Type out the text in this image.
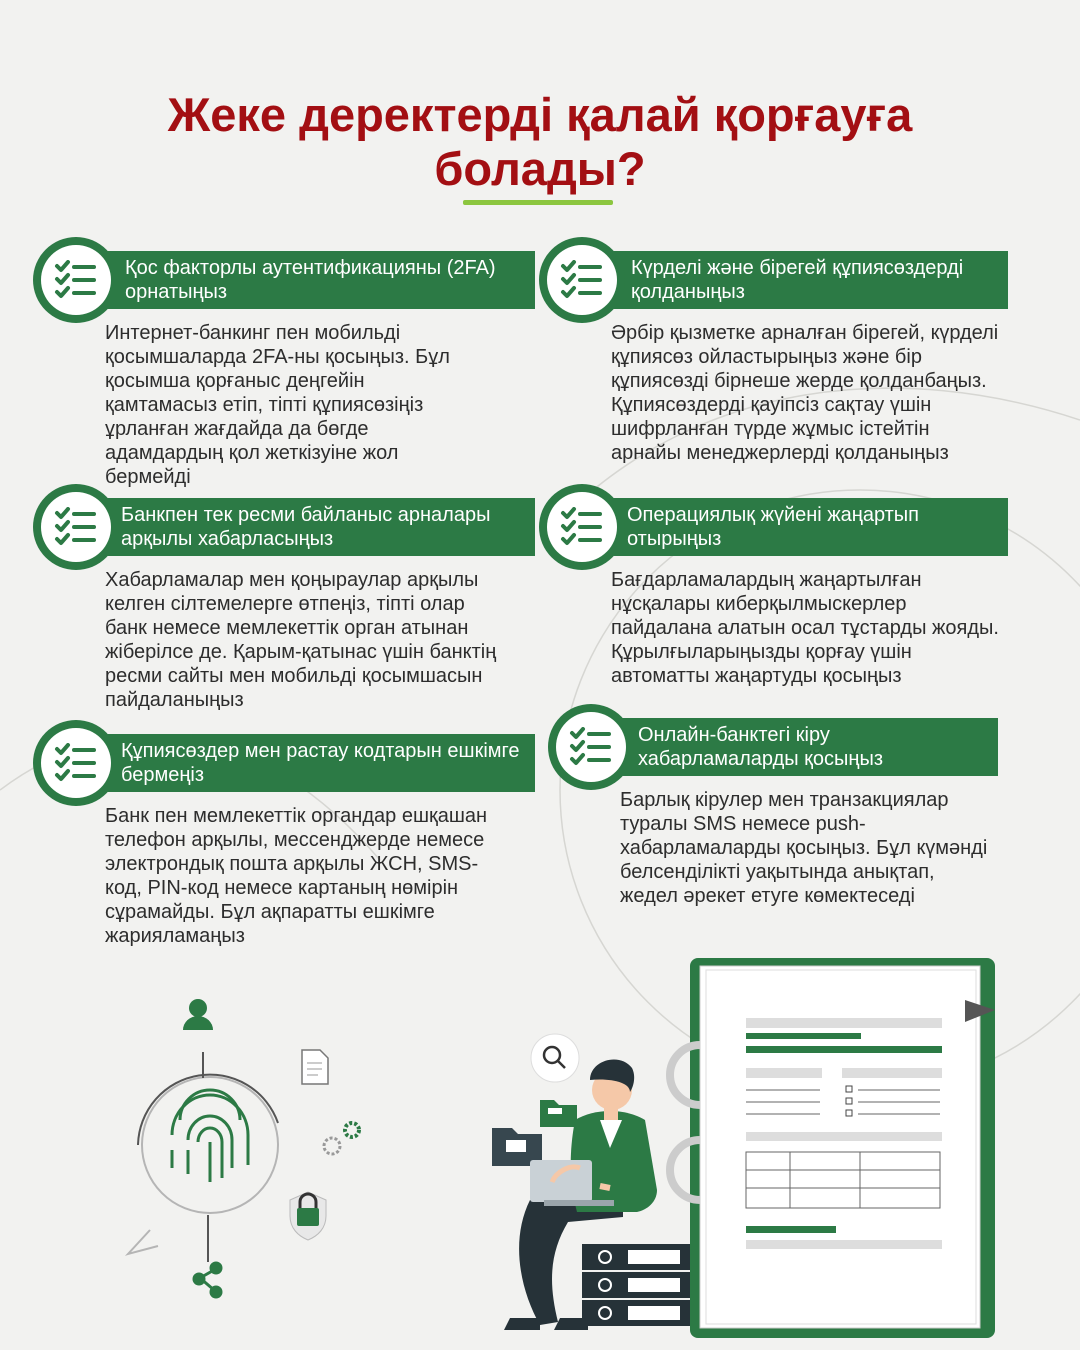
Жеке деректерді қалай қорғауға болады?
Қос факторлы аутентификацияны (2FA) орнатыңыз
Интернет-банкинг пен мобильді қосымшаларда 2FA-ны қосыңыз. Бұл қосымша қорғаныс деңгейін қамтамасыз етіп, тіпті құпиясөзіңіз ұрланған жағдайда да бөгде адамдардың қол жеткізуіне жол бермейді
Күрделі және бірегей құпиясөздерді қолданыңыз
Әрбір қызметке арналған бірегей, күрделі құпиясөз ойластырыңыз және бір құпиясөзді бірнеше жерде қолданбаңыз. Құпиясөздерді қауіпсіз сақтау үшін шифрланған түрде жұмыс істейтін арнайы менеджерлерді қолданыңыз
Банкпен тек ресми байланыс арналары арқылы хабарласыңыз
Хабарламалар мен қоңыраулар арқылы келген сілтемелерге өтпеңіз, тіпті олар банк немесе мемлекеттік орган атынан жіберілсе де. Қарым-қатынас үшін банктің ресми сайты мен мобильді қосымшасын пайдаланыңыз
Операциялық жүйені жаңартып отырыңыз
Бағдарламалардың жаңартылған нұсқалары киберқылмыскерлер пайдалана алатын осал тұстарды жояды. Құрылғыларыңызды қорғау үшін автоматты жаңартуды қосыңыз
Құпиясөздер мен растау кодтарын ешкімге бермеңіз
Банк пен мемлекеттік органдар ешқашан телефон арқылы, мессенджерде немесе электрондық пошта арқылы ЖСН, SMS-код, PIN-код немесе картаның нөмірін сұрамайды. Бұл ақпаратты ешкімге жарияламаңыз
Онлайн-банктегі кіру хабарламаларды қосыңыз
Барлық кірулер мен транзакциялар туралы SMS немесе push-хабарламаларды қосыңыз. Бұл күмәнді белсенділікті уақытында анықтап, жедел әрекет етуге көмектеседі
